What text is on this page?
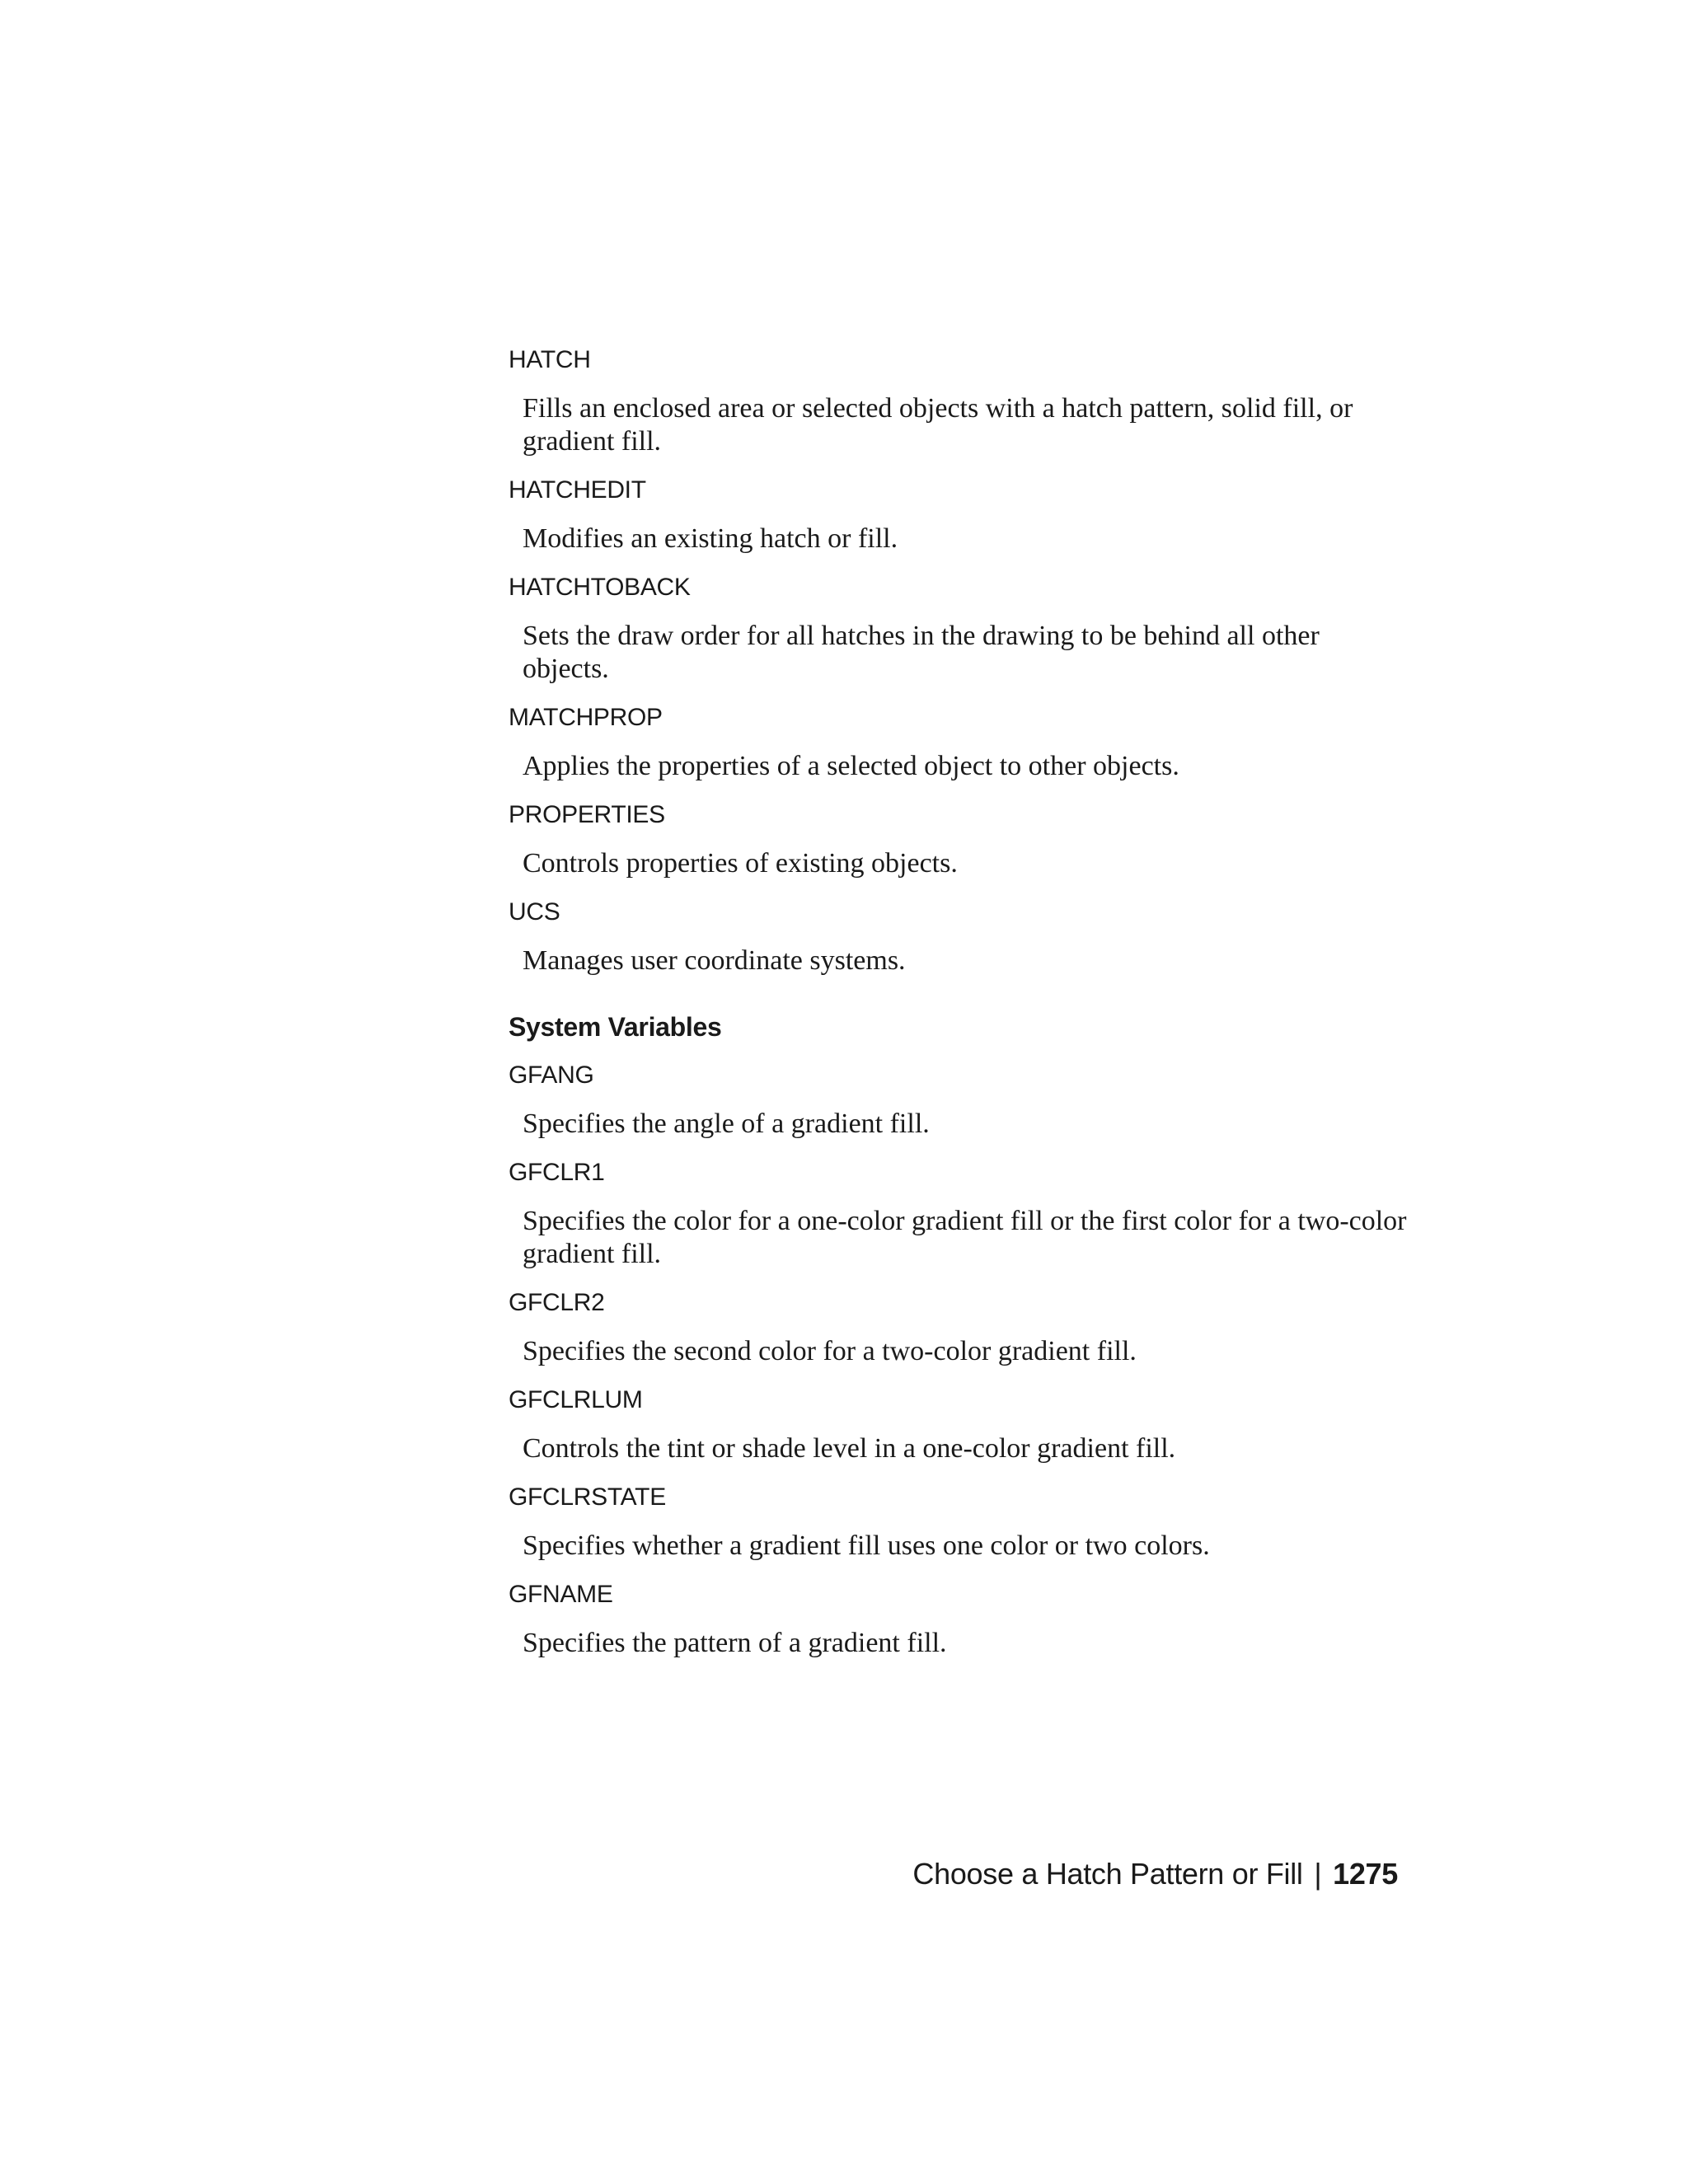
HATCH
Fills an enclosed area or selected objects with a hatch pattern, solid fill, or gradient fill.
HATCHEDIT
Modifies an existing hatch or fill.
HATCHTOBACK
Sets the draw order for all hatches in the drawing to be behind all other objects.
MATCHPROP
Applies the properties of a selected object to other objects.
PROPERTIES
Controls properties of existing objects.
UCS
Manages user coordinate systems.
System Variables
GFANG
Specifies the angle of a gradient fill.
GFCLR1
Specifies the color for a one-color gradient fill or the first color for a two-color gradient fill.
GFCLR2
Specifies the second color for a two-color gradient fill.
GFCLRLUM
Controls the tint or shade level in a one-color gradient fill.
GFCLRSTATE
Specifies whether a gradient fill uses one color or two colors.
GFNAME
Specifies the pattern of a gradient fill.
Choose a Hatch Pattern or Fill | 1275
